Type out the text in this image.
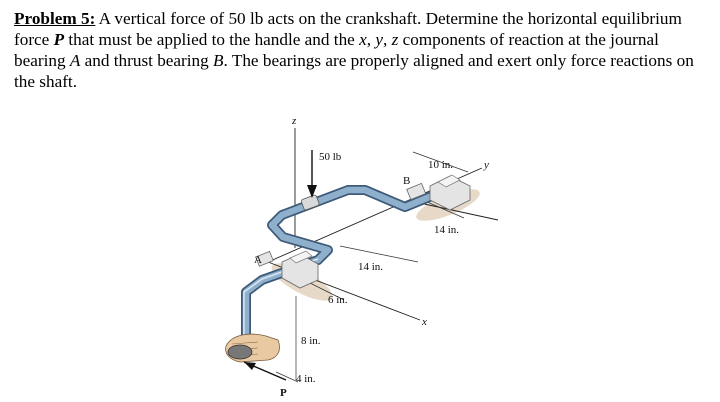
Problem 5: A vertical force of 50 lb acts on the crankshaft. Determine the horizontal equilibrium force P that must be applied to the handle and the x, y, z components of reaction at the journal bearing A and thrust bearing B. The bearings are properly aligned and exert only force reactions on the shaft.
z
y
x
A
B
P
50 lb
10 in.
14 in.
14 in.
6 in.
8 in.
4 in.
